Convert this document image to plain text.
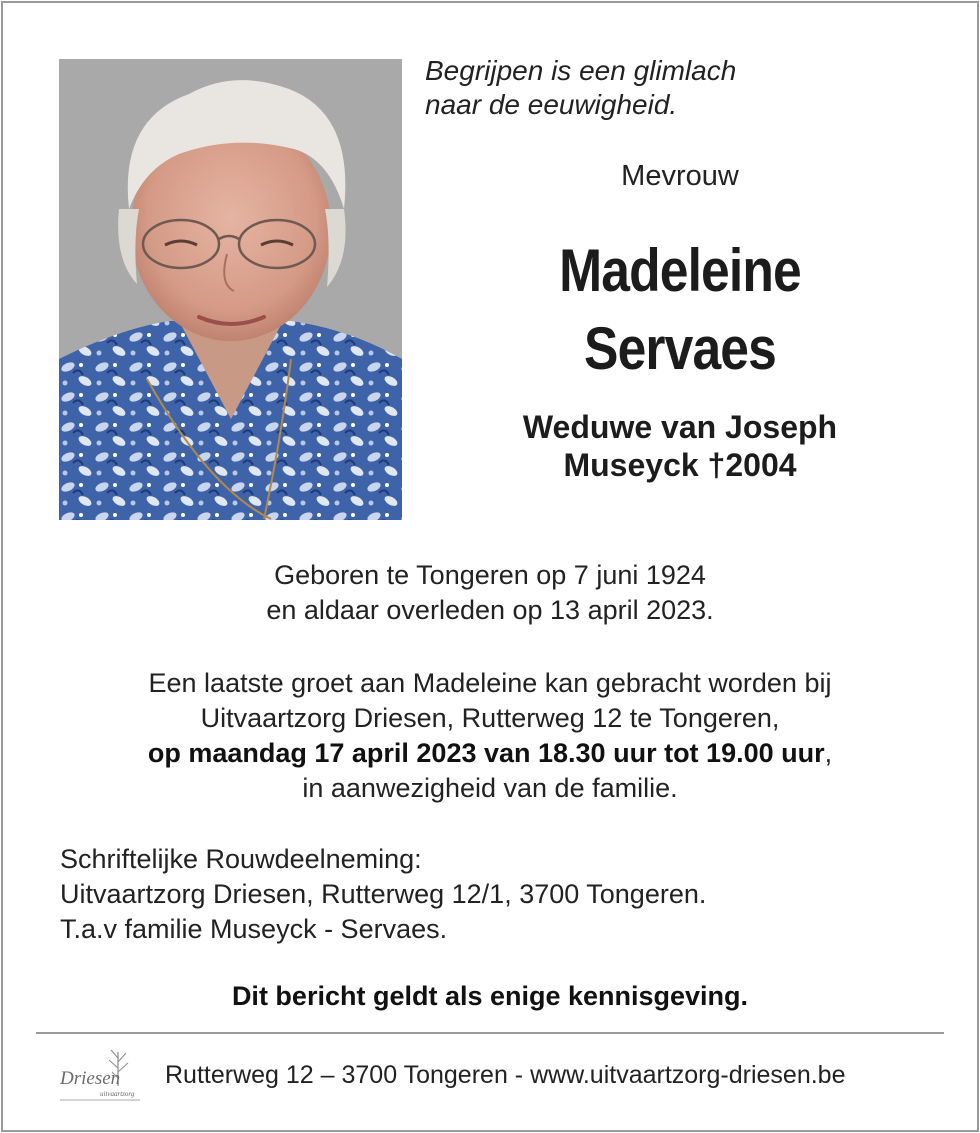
Begrijpen is een glimlach
naar de eeuwigheid.
Mevrouw
Madeleine
Servaes
Weduwe van Joseph
Museyck †2004
Geboren te Tongeren op 7 juni 1924
en aldaar overleden op 13 april 2023.
Een laatste groet aan Madeleine kan gebracht worden bij
Uitvaartzorg Driesen, Rutterweg 12 te Tongeren,
op maandag 17 april 2023 van 18.30 uur tot 19.00 uur,
in aanwezigheid van de familie.
Schriftelijke Rouwdeelneming:
Uitvaartzorg Driesen, Rutterweg 12/1, 3700 Tongeren.
T.a.v familie Museyck - Servaes.
Dit bericht geldt als enige kennisgeving.
Driesen
uitvaartzorg
Rutterweg 12 – 3700 Tongeren - www.uitvaartzorg-driesen.be
